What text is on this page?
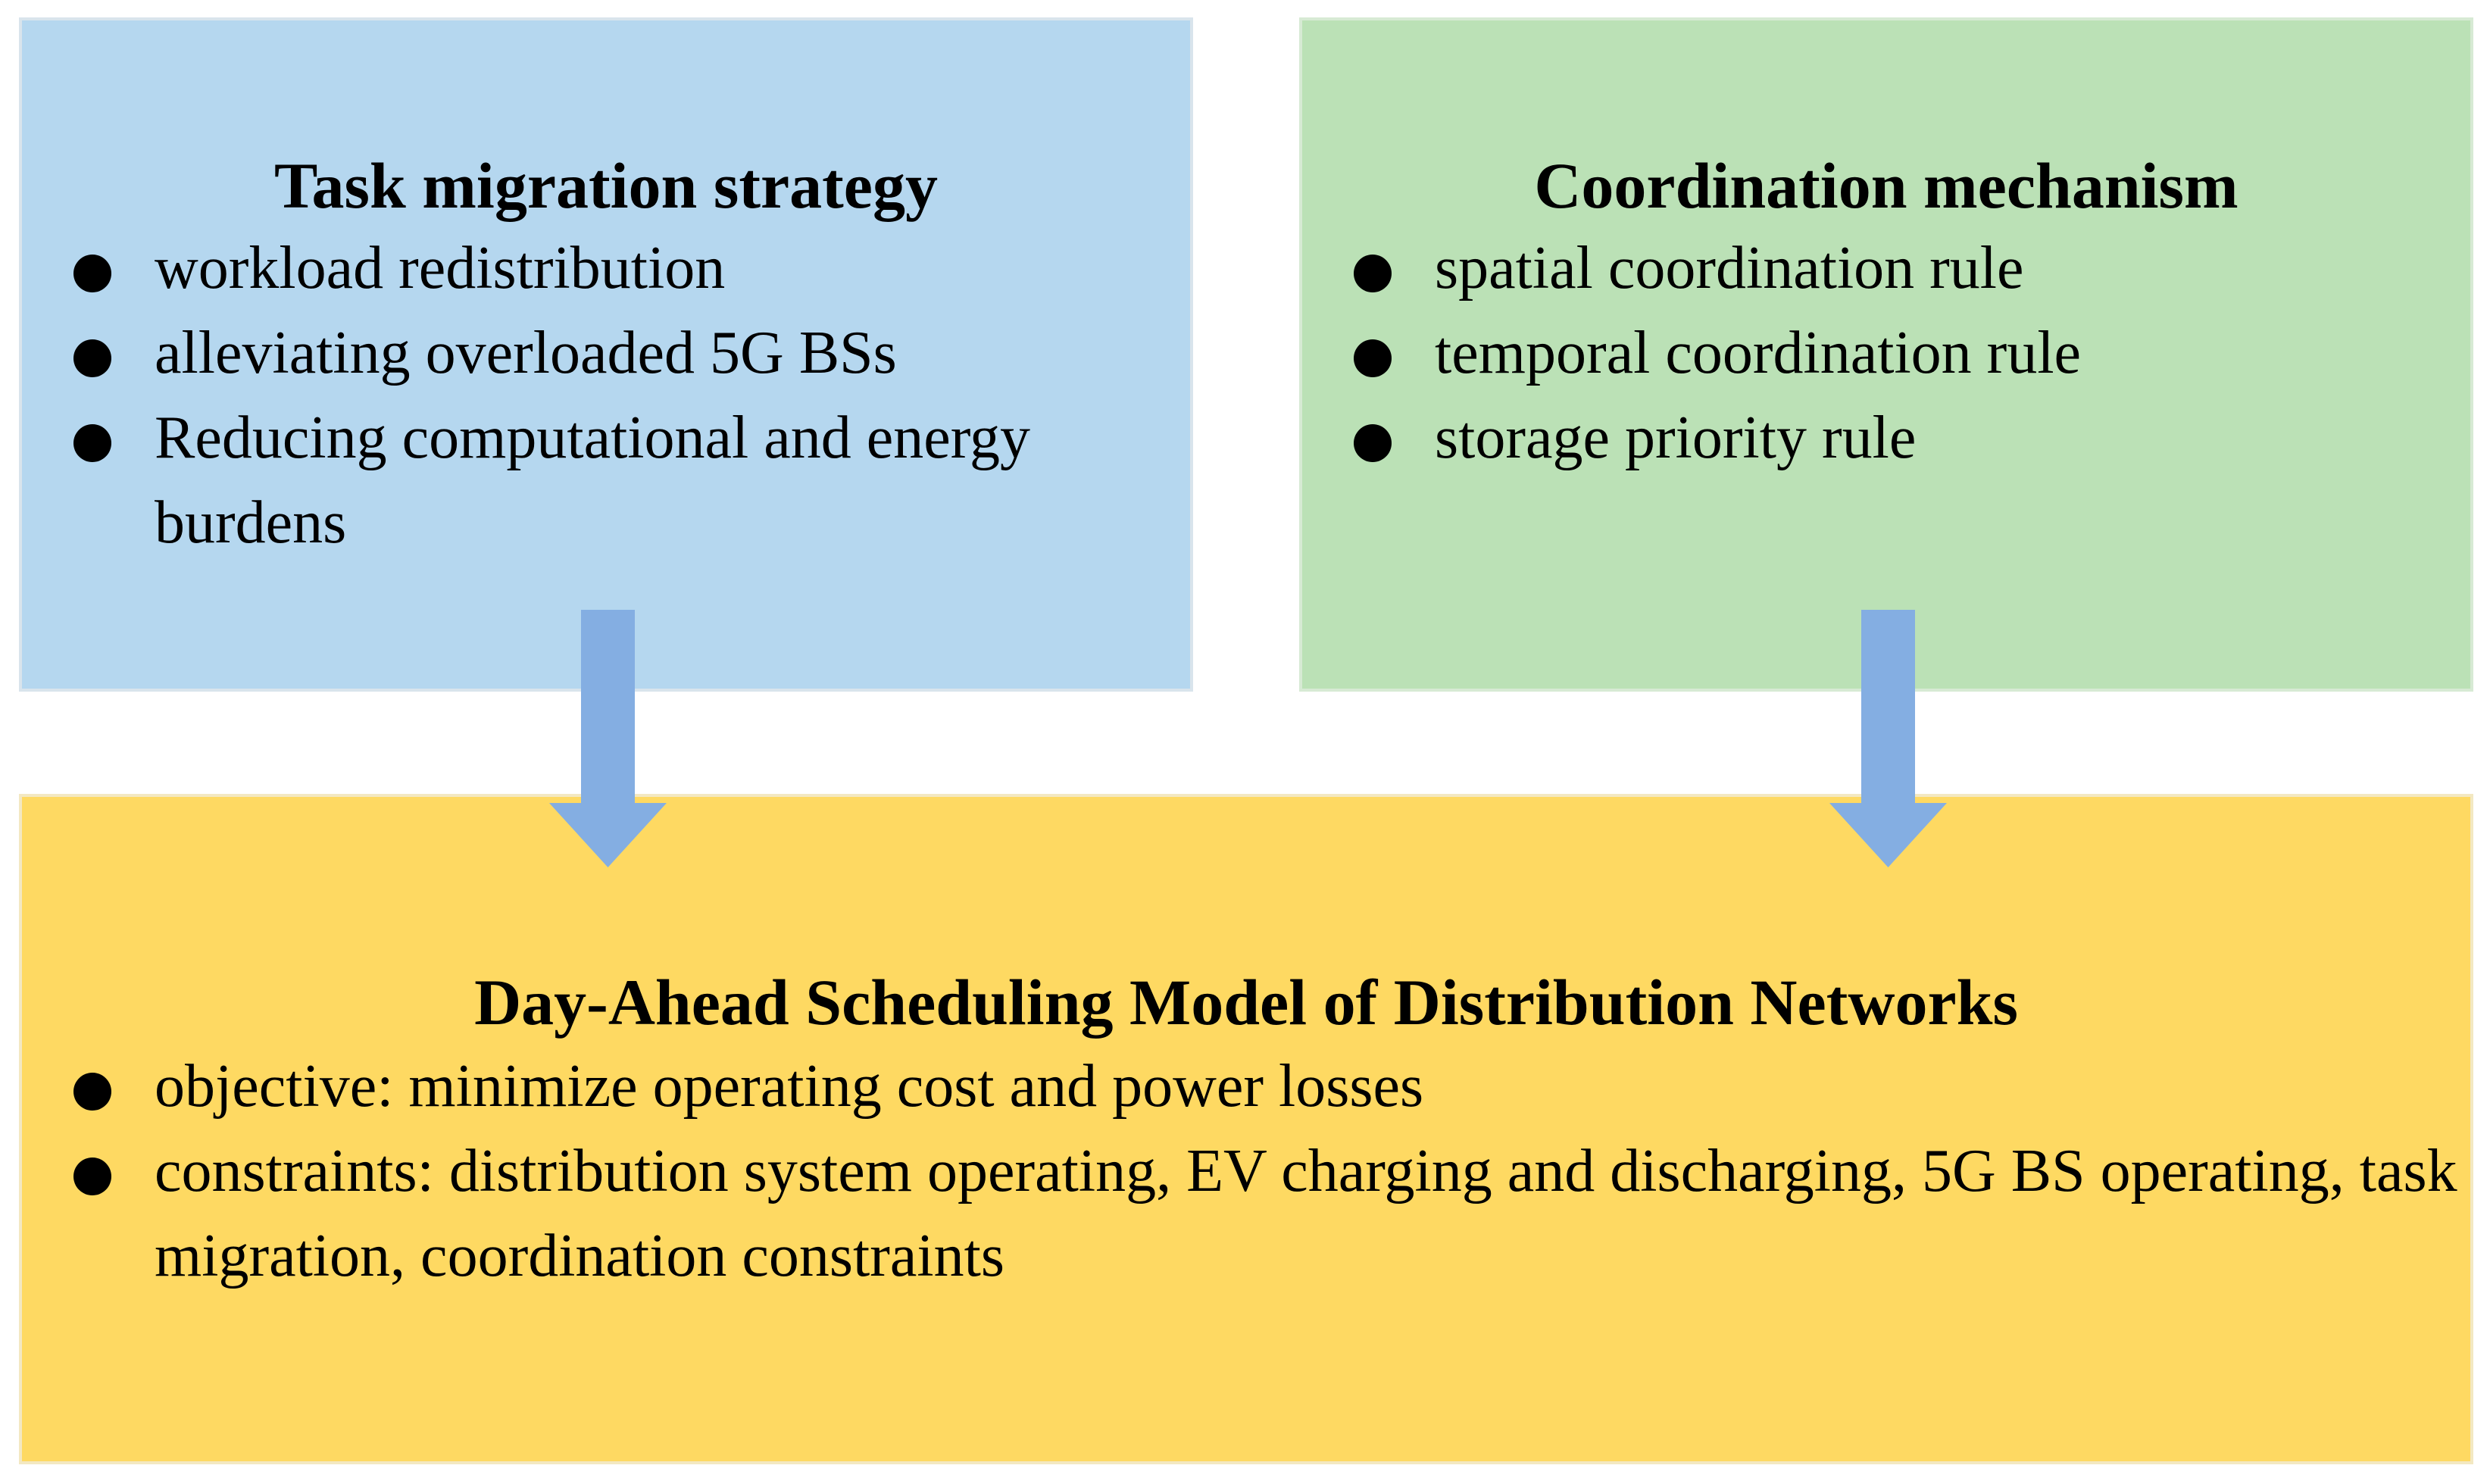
Task migration strategy	Coordination mechanism
Day-Ahead Scheduling Model of Distribution Networks
workload redistribution
alleviating overloaded 5G BSs
Reducing computational and energy burdens
spatial coordination rule
temporal coordination rule
storage priority rule
objective: minimize operating cost and power losses
constraints: distribution system operating, EV charging and discharging, 5G BS operating, task migration, coordination constraints
